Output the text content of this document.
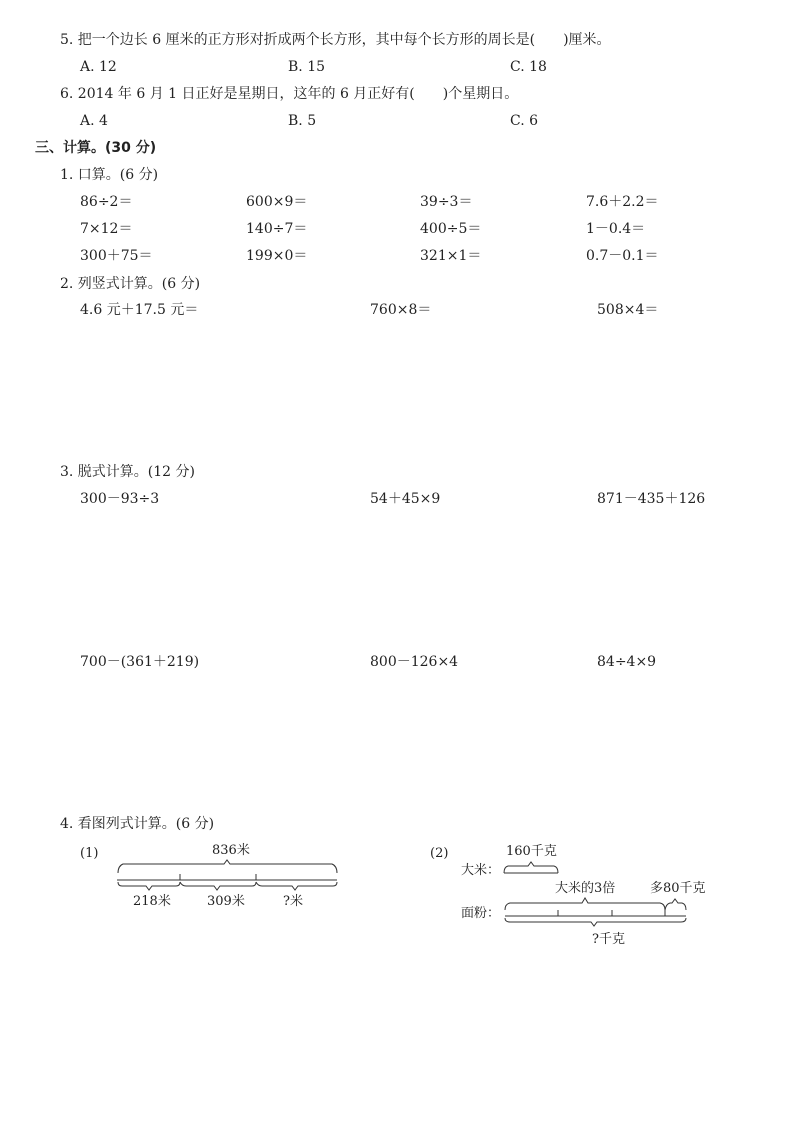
5. 把一个边长 6 厘米的正方形对折成两个长方形，其中每个长方形的周长是(　　)厘米。
A. 12	B. 15	C. 18
6. 2014 年 6 月 1 日正好是星期日，这年的 6 月正好有(　　)个星期日。
A. 4	B. 5	C. 6
三、计算。(30 分)
1. 口算。(6 分)
86÷2＝	600×9＝	39÷3＝	7.6＋2.2＝
7×12＝	140÷7＝	400÷5＝	1－0.4＝
300＋75＝	199×0＝	321×1＝	0.7－0.1＝
2. 列竖式计算。(6 分)
4.6 元＋17.5 元＝	760×8＝	508×4＝
3. 脱式计算。(12 分)
300－93÷3	54＋45×9	871－435＋126
700－(361＋219)	800－126×4	84÷4×9
4. 看图列式计算。(6 分)
(1)	836米
218米	309米	?米
(2)	160千克
大米：
大米的3倍	多80千克
面粉：
?千克
